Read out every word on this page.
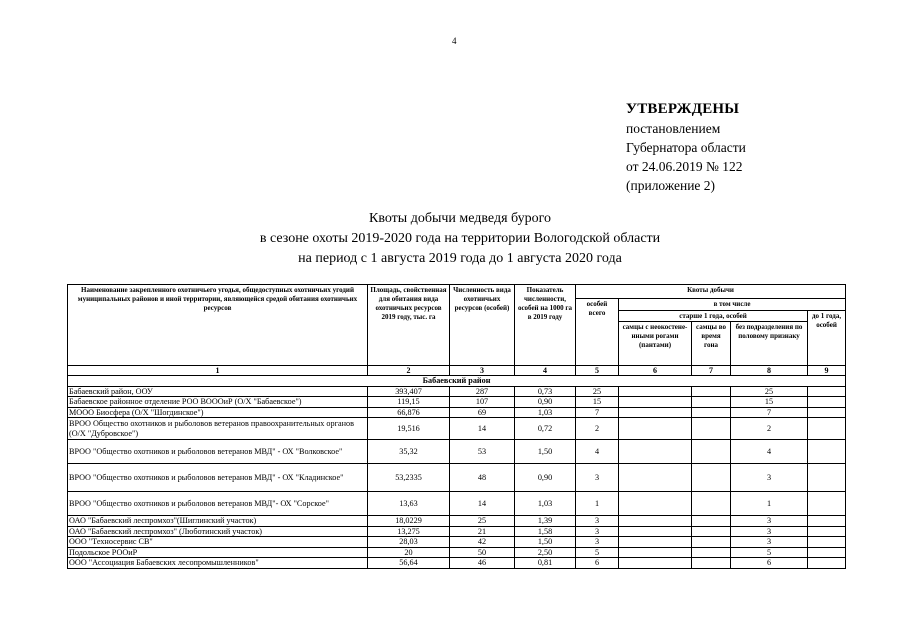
4
УТВЕРЖДЕНЫ
постановлением
Губернатора области
от 24.06.2019 № 122
(приложение 2)
Квоты добычи медведя бурого
в сезоне охоты 2019-2020 года на территории Вологодской области
на период с 1 августа 2019 года до 1 августа 2020 года
Наименование закрепленного охотничьего угодья, общедоступных охотничьих угодий муниципальных районов и иной территории, являющейся средой обитания охотничьих ресурсов	Площадь, свойственная для обитания вида охотничьих ресурсов 2019 году, тыс. га	Численность вида охотничьих ресурсов (особей)	Показатель численности, особей на 1000 га в 2019 году	Квоты добычи				
				особей всего	в том числе			
					старше 1 года, особей			до 1 года, особей
					самцы с неокостене-нными рогами (пантами)	самцы во время гона	без подразделения по половому признаку	
1	2	3	4	5	6	7	8	9
Бабаевский район								
Бабаевский район, ООУ	393,407	287	0,73	25			25	
Бабаевское районное отделение РОО ВОООиР (О/Х "Бабаевское")	119,15	107	0,90	15			15	
МООО Биосфера (О/Х "Шогдинское")	66,876	69	1,03	7			7	
ВРОО Общество охотников и рыболовов ветеранов правоохранительных органов (О/Х "Дубровское")	19,516	14	0,72	2			2	
ВРОО "Общество охотников и рыболовов ветеранов МВД" - ОХ "Волковское"	35,32	53	1,50	4			4	
ВРОО "Общество охотников и рыболовов ветеранов МВД" - ОХ "Кладинское"	53,2335	48	0,90	3			3	
ВРОО "Общество охотников и рыболовов ветеранов МВД"- ОХ "Сорское"	13,63	14	1,03	1			1	
ОАО "Бабаевский леспромхоз"(Шиглинский участок)	18,0229	25	1,39	3			3	
ОАО "Бабаевский леспромхоз" (Люботинский участок)	13,275	21	1,58	3			3	
ООО "Техносервис СВ"	28,03	42	1,50	3			3	
Подольское РООиР	20	50	2,50	5			5	
ООО "Ассоциация Бабаевских лесопромышленников"	56,64	46	0,81	6			6	
